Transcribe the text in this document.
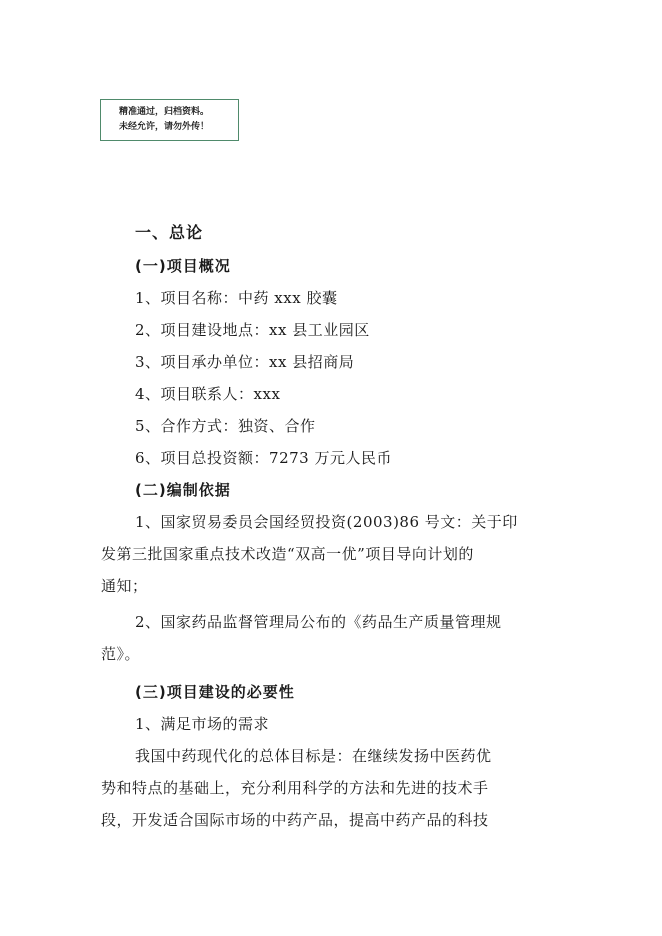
精准通过，归档资料。
未经允许，请勿外传！
一、总论
(一)项目概况
1、项目名称：中药 xxx 胶囊
2、项目建设地点：xx 县工业园区
3、项目承办单位：xx 县招商局
4、项目联系人：xxx
5、合作方式：独资、合作
6、项目总投资额：7273 万元人民币
(二)编制依据
1、国家贸易委员会国经贸投资(2003)86 号文：关于印
发第三批国家重点技术改造“双高一优”项目导向计划的
通知；
2、国家药品监督管理局公布的《药品生产质量管理规
范》。
(三)项目建设的必要性
1、满足市场的需求
我国中药现代化的总体目标是：在继续发扬中医药优
势和特点的基础上，充分利用科学的方法和先进的技术手
段，开发适合国际市场的中药产品，提高中药产品的科技
